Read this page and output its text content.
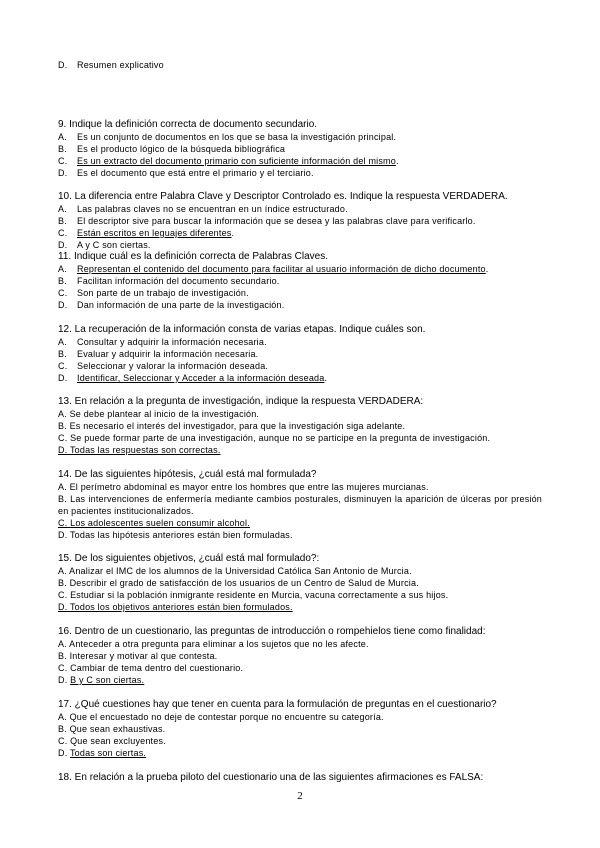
D. Resumen explicativo
9. Indique la definición correcta de documento secundario.
A. Es un conjunto de documentos en los que se basa la investigación principal.
B. Es el producto lógico de la búsqueda bibliográfica
C. Es un extracto del documento primario con suficiente información del mismo.
D. Es el documento que está entre el primario y el terciario.
10. La diferencia entre Palabra Clave y Descriptor Controlado es. Indique la respuesta VERDADERA.
A. Las palabras claves no se encuentran en un índice estructurado.
B. El descriptor sive para buscar la información que se desea y las palabras clave para verificarlo.
C. Están escritos en leguajes diferentes.
D. A y C son ciertas.
11. Indique cuál es la definición correcta de Palabras Claves.
A. Representan el contenido del documento para facilitar al usuario información de dicho documento.
B. Facilitan información del documento secundario.
C. Son parte de un trabajo de investigación.
D. Dan información de una parte de la investigación.
12. La recuperación de la información consta de varias etapas. Indique cuáles son.
A. Consultar y adquirir la información necesaria.
B. Evaluar y adquirir la información necesaria.
C. Seleccionar y valorar la información deseada.
D. Identificar, Seleccionar y Acceder a la información deseada.
13. En relación a la pregunta de investigación, indique la respuesta VERDADERA:
A. Se debe plantear al inicio de la investigación.
B. Es necesario el interés del investigador, para que la investigación siga adelante.
C. Se puede formar parte de una investigación, aunque no se participe en la pregunta de investigación.
D. Todas las respuestas son correctas.
14. De las siguientes hipótesis, ¿cuál está mal formulada?
A. El perímetro abdominal es mayor entre los hombres que entre las mujeres murcianas.
B. Las intervenciones de enfermería mediante cambios posturales, disminuyen la aparición de úlceras por presión en pacientes institucionalizados.
C. Los adolescentes suelen consumir alcohol.
D. Todas las hipótesis anteriores están bien formuladas.
15. De los siguientes objetivos, ¿cuál está mal formulado?:
A. Analizar el IMC de los alumnos de la Universidad Católica San Antonio de Murcia.
B. Describir el grado de satisfacción de los usuarios de un Centro de Salud de Murcia.
C. Estudiar si la población inmigrante residente en Murcia, vacuna correctamente a sus hijos.
D. Todos los objetivos anteriores están bien formulados.
16. Dentro de un cuestionario, las preguntas de introducción o rompehielos tiene como finalidad:
A. Anteceder a otra pregunta para eliminar a los sujetos que no les afecte.
B. Interesar y motivar al que contesta.
C. Cambiar de tema dentro del cuestionario.
D. B y C son ciertas.
17. ¿Qué cuestiones hay que tener en cuenta para la formulación de preguntas en el cuestionario?
A. Que el encuestado no deje de contestar porque no encuentre su categoría.
B. Que sean exhaustivas.
C. Que sean excluyentes.
D. Todas son ciertas.
18. En relación a la prueba piloto del cuestionario una de las siguientes afirmaciones es FALSA:
2
